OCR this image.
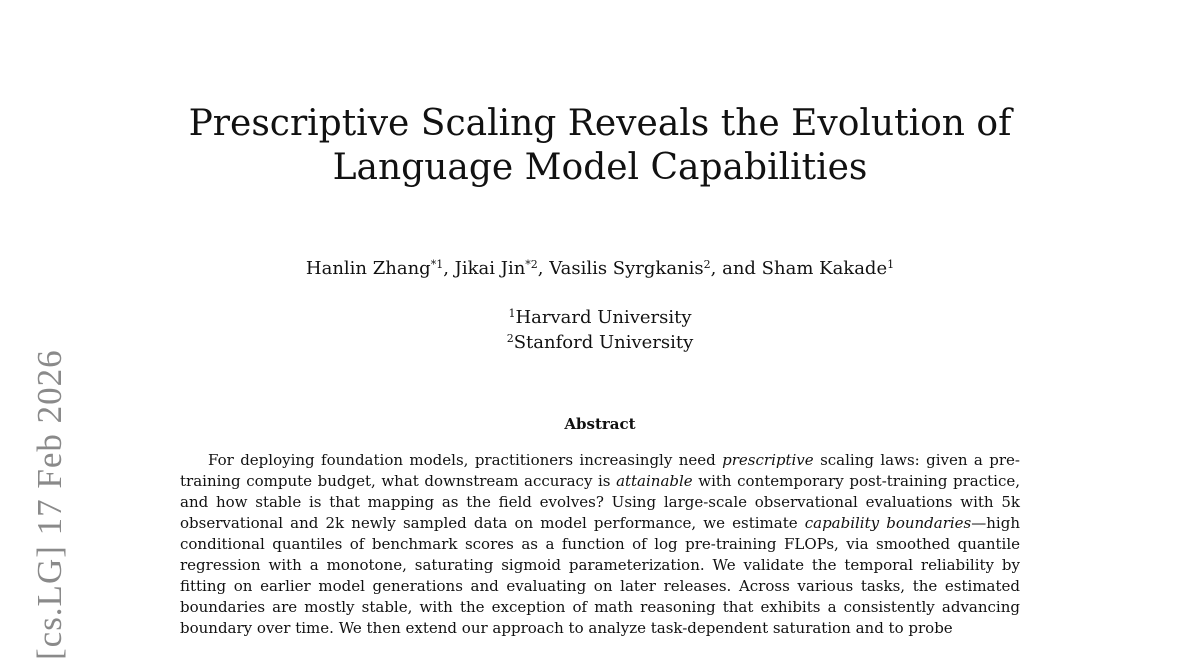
[cs.LG] 17 Feb 2026
Prescriptive Scaling Reveals the Evolution of
Language Model Capabilities
Hanlin Zhang$^{*1}$, Jikai Jin$^{*2}$, Vasilis Syrgkanis$^2$, and Sham Kakade$^1$
$^1$Harvard University
$^2$Stanford University
Abstract

For deploying foundation models, practitioners increasingly need prescriptive scaling laws: given a pre-training compute budget, what downstream accuracy is attainable with contemporary post-training practice, and how stable is that mapping as the field evolves? Using large-scale observational evaluations with 5k observational and 2k newly sampled data on model performance, we estimate capability boundaries—high conditional quantiles of benchmark scores as a function of log pre-training FLOPs, via smoothed quantile regression with a monotone, saturating sigmoid parameterization. We validate the temporal reliability by fitting on earlier model generations and evaluating on later releases. Across various tasks, the estimated boundaries are mostly stable, with the exception of math reasoning that exhibits a consistently advancing boundary over time. We then extend our approach to analyze task-dependent saturation and to probe
